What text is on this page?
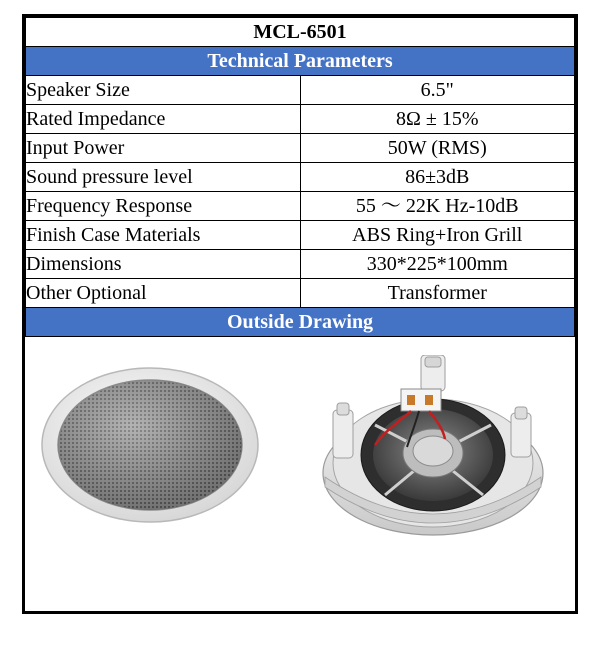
MCL-6501	
Technical Parameters	
Speaker Size	6.5"
Rated Impedance	8Ω ± 15%
Input Power	50W (RMS)
Sound pressure level	86±3dB
Frequency Response	55 ～ 22K Hz-10dB
Finish Case Materials	ABS Ring+Iron Grill
Dimensions	330*225*100mm
Other Optional	Transformer
Outside Drawing	
